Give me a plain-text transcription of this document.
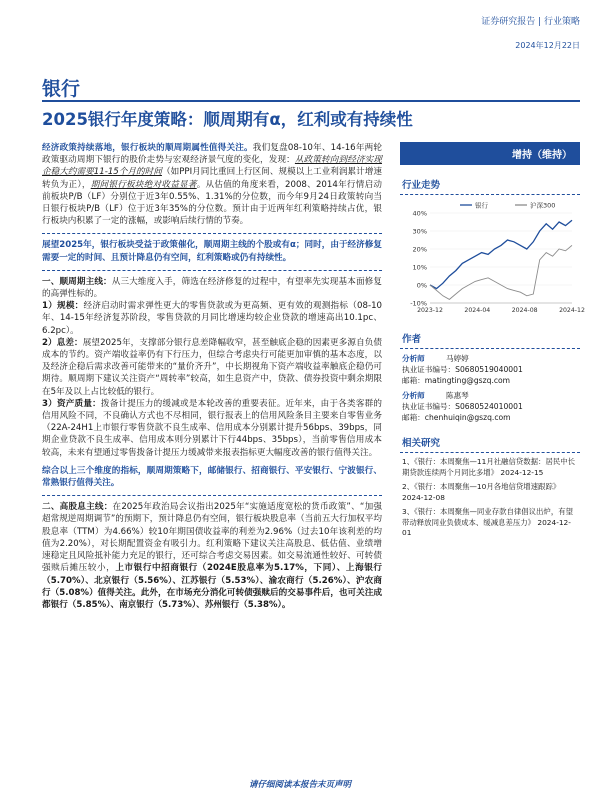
证券研究报告 | 行业策略
2024年12月22日
银行
2025银行年度策略：顺周期有α，红利或有持续性

经济政策持续落地，银行板块的顺周期属性值得关注。我们复盘08-10年、14-16年两轮政策驱动周期下银行的股价走势与宏观经济景气度的变化，发现：从政策转向到经济实现企稳大约需要11-15个月的时间（如PPI月同比重回上行区间、规模以上工业利润累计增速转负为正），期间银行板块绝对收益显著。从估值的角度来看，2008、2014年行情启动前板块P/B（LF）分别位于近3年0.55%、1.31%的分位数，而今年9月24日政策转向当日银行板块P/B（LF）位于近3年35%的分位数。预计由于近两年红利策略持续占优，银行板块内积累了一定的涨幅，或影响后续行情的节奏。

展望2025年，银行板块受益于政策催化，顺周期主线的个股或有α；同时，由于经济修复需要一定的时间、且预计降息仍有空间，红利策略或仍有持续性。

一、顺周期主线：从三大维度入手，筛选在经济修复的过程中，有望率先实现基本面修复的高弹性标的。
1）规模：经济启动时需求弹性更大的零售贷款或为更高频、更有效的观测指标（08-10年、14-15年经济复苏阶段，零售贷款的月同比增速均较企业贷款的增速高出10.1pc、6.2pc）。
2）息差：展望2025年，支撑部分银行息差降幅收窄，甚至触底企稳的因素更多源自负债成本的节约。资产端收益率仍有下行压力，但综合考虑央行可能更加审慎的基本态度，以及经济企稳后需求改善可能带来的“量价齐升”，中长期视角下资产端收益率触底企稳仍可期待。顺周期下建议关注资产“周转率”较高，如生息资产中，贷款、债券投资中剩余期限在5年及以上占比较低的银行。
3）资产质量：拨备计提压力的缓减或是本轮改善的重要表征。近年来，由于各类客群的信用风险不同，不良确认方式也不尽相同，银行报表上的信用风险条目主要来自零售业务（22A-24H1上市银行零售贷款不良生成率、信用成本分别累计提升56bps、39bps，同期企业贷款不良生成率、信用成本则分别累计下行44bps、35bps），当前零售信用成本较高，未来有望通过零售拨备计提压力缓减带来报表指标更大幅度改善的银行值得关注。

综合以上三个维度的指标，顺周期策略下，邮储银行、招商银行、平安银行、宁波银行、常熟银行值得关注。

二、高股息主线：在2025年政治局会议指出2025年“实施适度宽松的货币政策”、“加强超常规逆周期调节”的预期下，预计降息仍有空间，银行板块股息率（当前五大行加权平均股息率（TTM）为4.66%）较10年期国债收益率的利差为2.96%（过去10年该利差的均值为2.20%），对长期配置资金有吸引力。红利策略下建议关注高股息、低估值、业绩增速稳定且风险抵补能力充足的银行，还可综合考虑交易因素。如交易流通性较好、可转债强赎后摊压较小，上市银行中招商银行（2024E股息率为5.17%，下同）、上海银行（5.70%）、北京银行（5.56%）、江苏银行（5.53%）、渝农商行（5.26%）、沪农商行（5.08%）值得关注。此外，在市场充分消化可转债强赎后的交易事件后，也可关注成都银行（5.85%）、南京银行（5.73%）、苏州银行（5.38%）。

增持（维持）
行业走势
-10%
0%
10%
20%
30%
40%
2023-12	2024-04	2024-08	2024-12
银行	沪深300
作者
分析师	马婷婷
执业证书编号：S0680519040001
邮箱：matingting@gszq.com
分析师	陈惠琴
执业证书编号：S0680524010001
邮箱：chenhuiqin@gszq.com
相关研究
1、《银行：本周聚焦—11月社融信贷数据：居民中长期贷款连续两个月同比多增》 2024-12-15
2、《银行：本周聚焦—10月各地信贷增速跟踪》 2024-12-08
3、《银行：本周聚焦—同业存款自律倡议出炉，有望带动释放同业负债成本、缓减息差压力》 2024-12-01
请仔细阅读本报告末页声明
